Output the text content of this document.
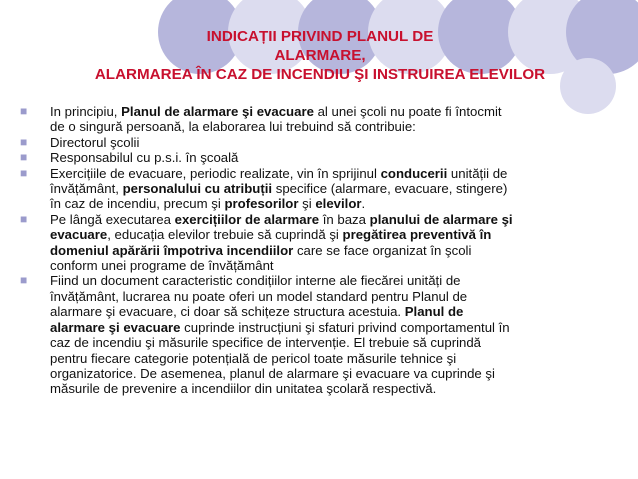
INDICAȚII PRIVIND PLANUL DE
ALARMARE,
ALARMAREA ÎN CAZ DE INCENDIU ŞI INSTRUIREA ELEVILOR
■ In principiu, Planul de alarmare şi evacuare al unei şcoli nu poate fi întocmit
de o singură persoană, la elaborarea lui trebuind să contribuie:
■ Directorul şcolii
■ Responsabilul cu p.s.i. în şcoală
■ Exercițiile de evacuare, periodic realizate, vin în sprijinul conducerii unității de
învățământ, personalului cu atribuții specifice (alarmare, evacuare, stingere)
în caz de incendiu, precum şi profesorilor şi elevilor.
■ Pe lângă executarea exercițiilor de alarmare în baza planului de alarmare şi
evacuare, educația elevilor trebuie să cuprindă şi pregătirea preventivă în
domeniul apărării împotriva incendiilor care se face organizat în şcoli
conform unei programe de învățământ
■ Fiind un document caracteristic condițiilor interne ale fiecărei unități de
învățământ, lucrarea nu poate oferi un model standard pentru Planul de
alarmare şi evacuare, ci doar să schițeze structura acestuia. Planul de
alarmare şi evacuare cuprinde instrucțiuni şi sfaturi privind comportamentul în
caz de incendiu şi măsurile specifice de intervenție. El trebuie să cuprindă
pentru fiecare categorie potențială de pericol toate măsurile tehnice şi
organizatorice. De asemenea, planul de alarmare şi evacuare va cuprinde şi
măsurile de prevenire a incendiilor din unitatea şcolară respectivă.
